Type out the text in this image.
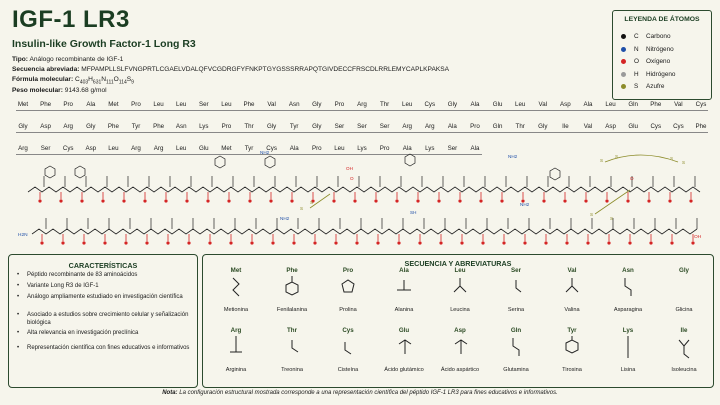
IGF-1 LR3
Insulin-like Growth Factor-1 Long R3
Tipo: Análogo recombinante de IGF-1
Secuencia abreviada: MFPAMPLLSLFVNGPRTLCGAELVDALQFVCGDRGFYFNKPTGYGSSSRRAPQTGIVDECCFRSCDLRRLEMYCAPLKPAKSA
Fórmula molecular: $C_{403}H_{631}N_{111}O_{114}S_9$
Peso molecular: 9143.68 g/mol
LEYENDA DE ÁTOMOS
C	Carbono
N	Nitrógeno
O	Oxígeno
H	Hidrógeno
S	Azufre
Met	Phe	Pro	Ala	Met	Pro	Leu	Leu	Ser	Leu	Phe	Val	Asn	Gly	Pro	Arg	Thr	Leu	Cys	Gly	Ala	Glu	Leu	Val	Asp	Ala	Leu	Gln	Phe	Val	Cys
Gly	Asp	Arg	Gly	Phe	Tyr	Phe	Asn	Lys	Pro	Thr	Gly	Tyr	Gly	Ser	Ser	Ser	Arg	Arg	Ala	Pro	Gln	Thr	Gly	Ile	Val	Asp	Glu	Cys	Cys	Phe
Arg	Ser	Cys	Asp	Leu	Arg	Arg	Leu	Glu	Met	Tyr	Cys	Ala	Pro	Leu	Lys	Pro	Ala	Lys	Ser	Ala
NH2
NH2
OH
NH2
NH2
SH
O
O
S
S
S
S	S
S
S
S
H2N	OH
CARACTERÍSTICAS
•	Péptido recombinante de 83 aminoácidos
•	Variante Long R3 de IGF-1
•	Análogo ampliamente estudiado en investigación científica
•	Asociado a estudios sobre crecimiento celular y señalización biológica
•	Alta relevancia en investigación preclínica
•	Representación científica con fines educativos e informativos
SECUENCIA Y ABREVIATURAS
Met
Metionina
Phe
Fenilalanina
Pro
Prolina
Ala
Alanina
Leu
Leucina
Ser
Serina
Val
Valina
Asn
Asparagina
Gly
Glicina
Arg
Arginina
Thr
Treonina
Cys
Cisteína
Glu
Ácido glutámico
Asp
Ácido aspártico
Gln
Glutamina
Tyr
Tirosina
Lys
Lisina
Ile
Isoleucina
Nota: La configuración estructural mostrada corresponde a una representación científica del péptido IGF-1 LR3 para fines educativos e informativos.
